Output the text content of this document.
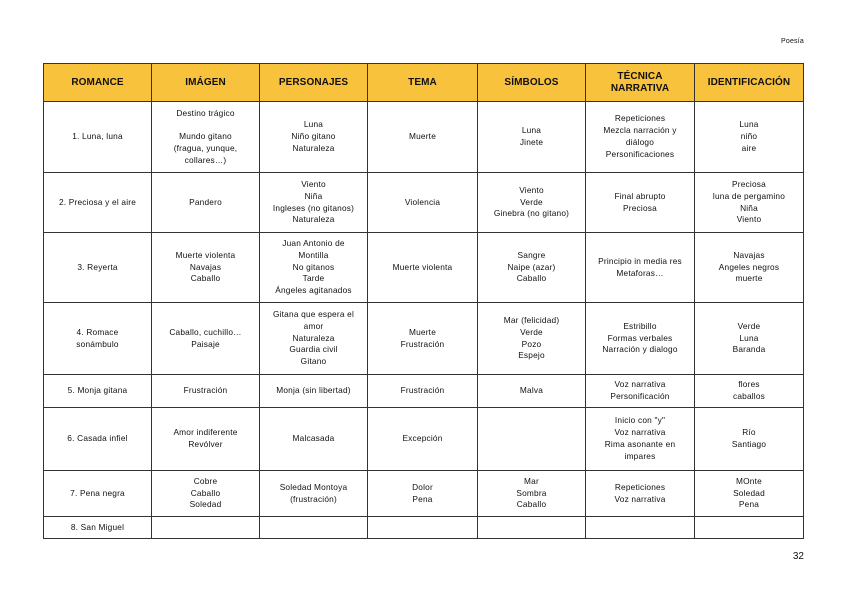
Poesía
ROMANCE	IMÁGEN	PERSONAJES	TEMA	SÍMBOLOS	TÉCNICA NARRATIVA	IDENTIFICACIÓN
1. Luna, luna	Destino trágico

Mundo gitano
(fragua, yunque,
collares…)	Luna
Niño gitano
Naturaleza	Muerte	Luna
Jinete	Repeticiones
Mezcla narración y
diálogo
Personificaciones	Luna
niño
aire
2. Preciosa y el aire	Pandero	Viento
Niña
Ingleses (no gitanos)
Naturaleza	Violencia	Viento
Verde
Ginebra (no gitano)	Final abrupto
Preciosa	Preciosa
luna de pergamino
Niña
Viento
3. Reyerta	Muerte violenta
Navajas
Caballo	Juan Antonio de
Montilla
No gitanos
Tarde
Ángeles agitanados	Muerte violenta	Sangre
Naipe (azar)
Caballo	Principio in media res
Metaforas…	Navajas
Angeles negros
muerte
4. Romace
sonámbulo	Caballo, cuchillo…
Paisaje	Gitana que espera el
amor
Naturaleza
Guardia civil
Gitano	Muerte
Frustración	Mar (felicidad)
Verde
Pozo
Espejo	Estribillo
Formas verbales
Narración y dialogo	Verde
Luna
Baranda
5. Monja gitana	Frustración	Monja (sin libertad)	Frustración	Malva	Voz narrativa
Personificación	flores
caballos
6. Casada infiel	Amor indiferente
Revólver	Malcasada	Excepción		Inicio con "y"
Voz narrativa
Rima asonante en
impares	Río
Santiago
7. Pena negra	Cobre
Caballo
Soledad	Soledad Montoya
(frustración)	Dolor
Pena	Mar
Sombra
Caballo	Repeticiones
Voz narrativa	MOnte
Soledad
Pena
8. San Miguel						
32
